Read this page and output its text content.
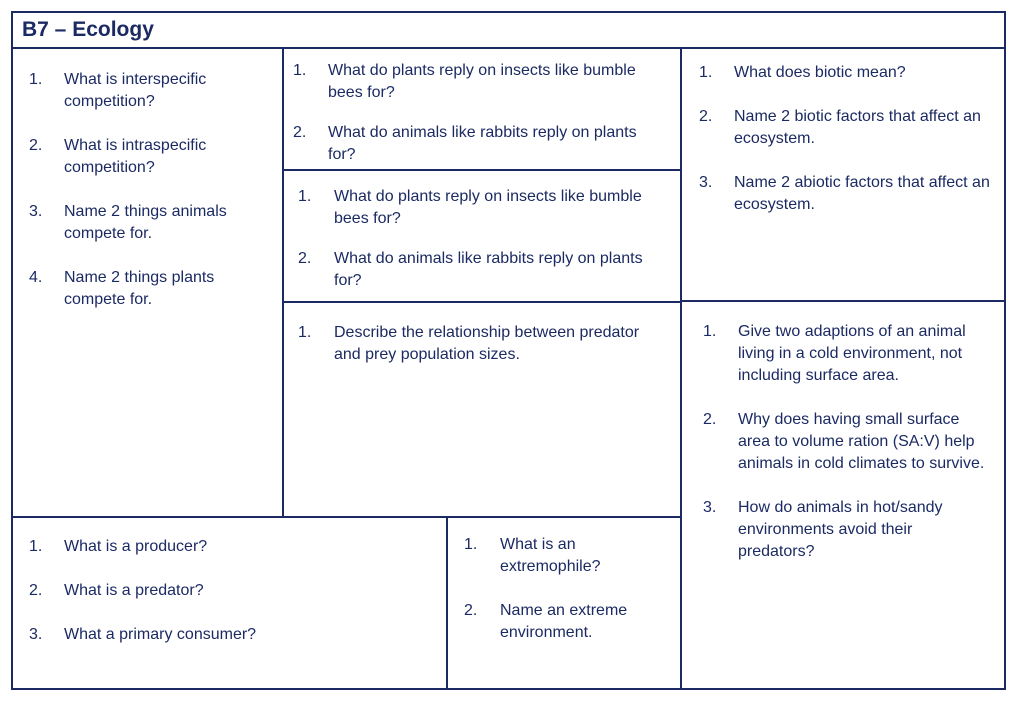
B7 – Ecology
1.	What is interspecific competition?
2.	What is intraspecific competition?
3.	Name 2 things animals compete for.
4.	Name 2 things plants compete for.
1.	What do plants reply on insects like bumble bees for?
2.	What do animals like rabbits reply on plants for?
1.	What do plants reply on insects like bumble bees for?
2.	What do animals like rabbits reply on plants for?
1.	What does biotic mean?
2.	Name 2 biotic factors that affect an ecosystem.
3.	Name 2 abiotic factors that affect an ecosystem.
1.	Describe the relationship between predator and prey population sizes.
1.	Give two adaptions of an animal living in a cold environment, not including surface area.
2.	Why does having small surface area to volume ration (SA:V) help animals in cold climates to survive.
3.	How do animals in hot/sandy environments avoid their predators?
1.	What is a producer?
2.	What is a predator?
3.	What a primary consumer?
1.	What is an extremophile?
2.	Name an extreme environment.
